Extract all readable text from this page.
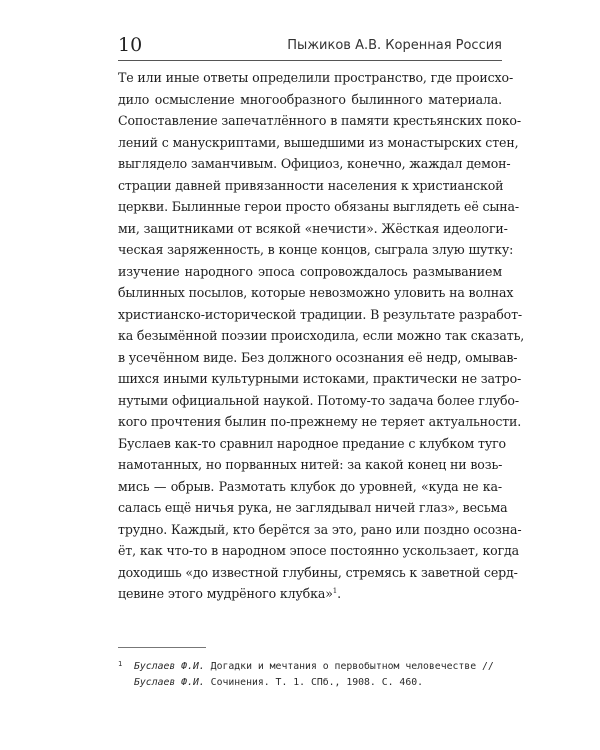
10	Пыжиков А.В. Коренная Россия
Те или иные ответы определили пространство, где происхо-
дило осмысление многообразного былинного материала.
Сопоставление запечатлённого в памяти крестьянских поко-
лений с манускриптами, вышедшими из монастырских стен,
выглядело заманчивым. Официоз, конечно, жаждал демон-
страции давней привязанности населения к христианской
церкви. Былинные герои просто обязаны выглядеть её сына-
ми, защитниками от всякой «нечисти». Жёсткая идеологи-
ческая заряженность, в конце концов, сыграла злую шутку:
изучение народного эпоса сопровождалось размыванием
былинных посылов, которые невозможно уловить на волнах
христианско-исторической традиции. В результате разработ-
ка безымённой поэзии происходила, если можно так сказать,
в усечённом виде. Без должного осознания её недр, омывав-
шихся иными культурными истоками, практически не затро-
нутыми официальной наукой. Потому-то задача более глубо-
кого прочтения былин по-прежнему не теряет актуальности.
Буслаев как-то сравнил народное предание с клубком туго
намотанных, но порванных нитей: за какой конец ни возь-
мись — обрыв. Размотать клубок до уровней, «куда не ка-
салась ещё ничья рука, не заглядывал ничей глаз», весьма
трудно. Каждый, кто берётся за это, рано или поздно осозна-
ёт, как что-то в народном эпосе постоянно ускользает, когда
доходишь «до известной глубины, стремясь к заветной серд-
цевине этого мудрёного клубка»$^1$.
1 Буслаев Ф.И. Догадки и мечтания о первобытном человечестве //
Буслаев Ф.И. Сочинения. Т. 1. СПб., 1908. С. 460.
